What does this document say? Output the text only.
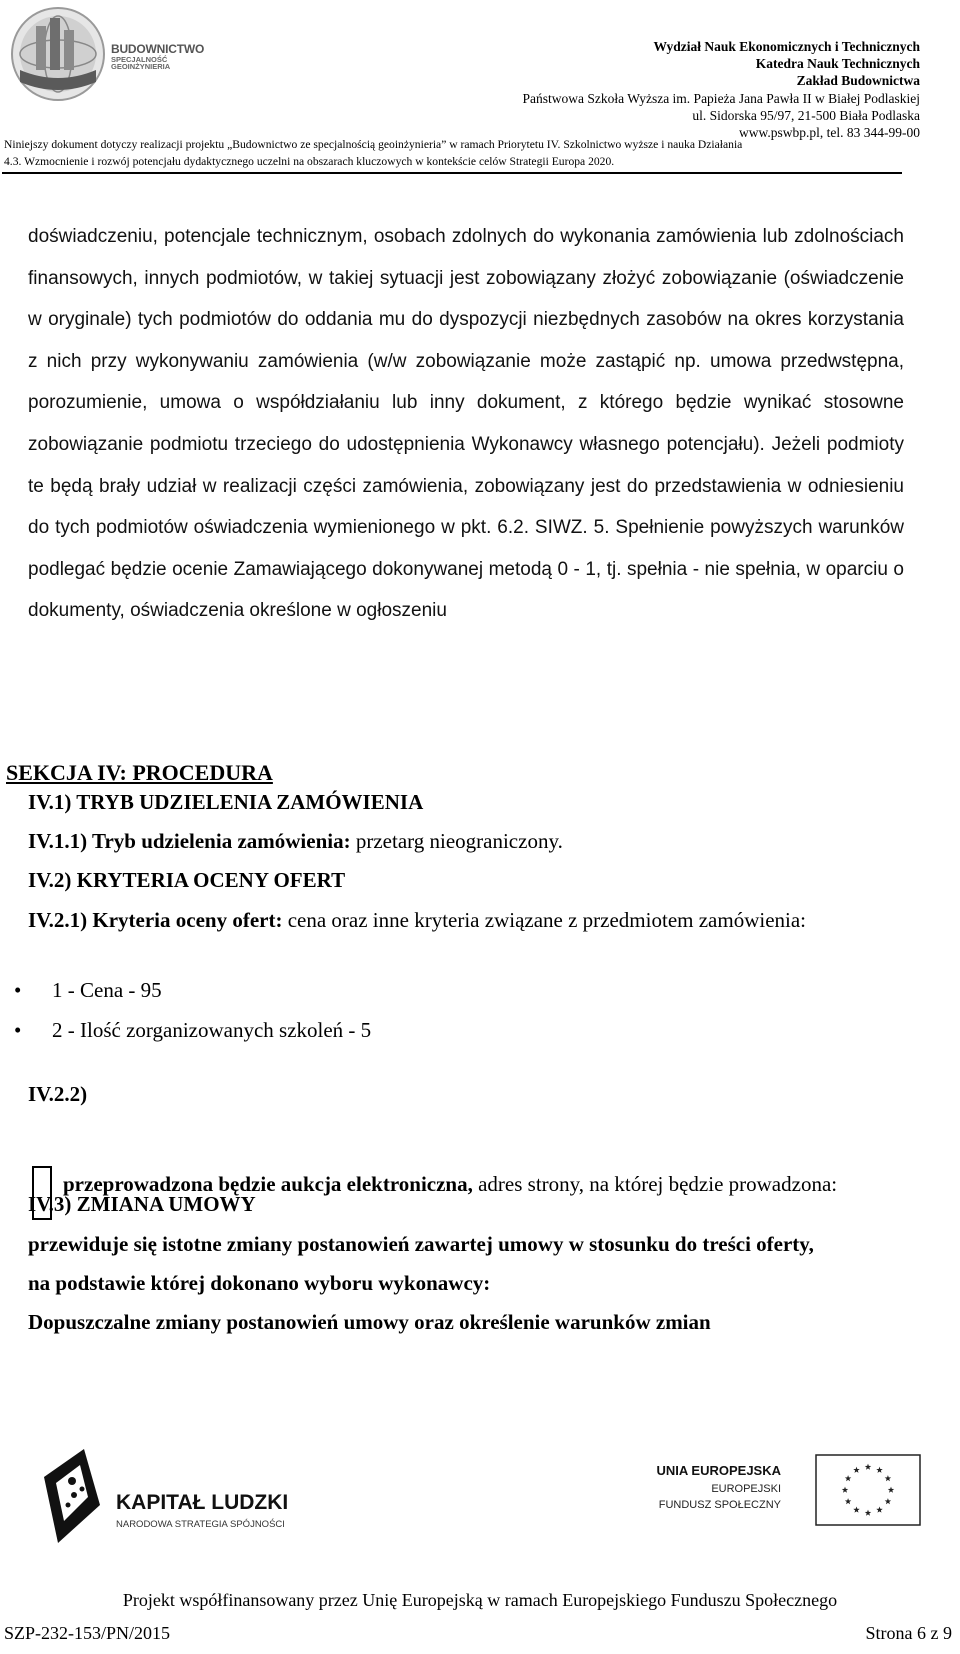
BUDOWNICTWO
SPECJALNOŚĆ
GEOINŻYNIERIA
Wydział Nauk Ekonomicznych i Technicznych
Katedra Nauk Technicznych
Zakład Budownictwa
Państwowa Szkoła Wyższa im. Papieża Jana Pawła II w Białej Podlaskiej
ul. Sidorska 95/97, 21-500 Biała Podlaska
www.pswbp.pl, tel. 83 344-99-00
Niniejszy dokument dotyczy realizacji projektu „Budownictwo ze specjalnością geoinżynieria” w ramach Priorytetu IV. Szkolnictwo wyższe i nauka Działania
4.3. Wzmocnienie i rozwój potencjału dydaktycznego uczelni na obszarach kluczowych w kontekście celów Strategii Europa 2020.
doświadczeniu, potencjale technicznym, osobach zdolnych do wykonania zamówienia lub zdolnościach finansowych, innych podmiotów, w takiej sytuacji jest zobowiązany złożyć zobowiązanie (oświadczenie w oryginale) tych podmiotów do oddania mu do dyspozycji niezbędnych zasobów na okres korzystania z nich przy wykonywaniu zamówienia (w/w zobowiązanie może zastąpić np. umowa przedwstępna, porozumienie, umowa o współdziałaniu lub inny dokument, z którego będzie wynikać stosowne zobowiązanie podmiotu trzeciego do udostępnienia Wykonawcy własnego potencjału). Jeżeli podmioty te będą brały udział w realizacji części zamówienia, zobowiązany jest do przedstawienia w odniesieniu do tych podmiotów oświadczenia wymienionego w pkt. 6.2. SIWZ. 5. Spełnienie powyższych warunków podlegać będzie ocenie Zamawiającego dokonywanej metodą 0 - 1, tj. spełnia - nie spełnia, w oparciu o dokumenty, oświadczenia określone w ogłoszeniu
SEKCJA IV: PROCEDURA
IV.1) TRYB UDZIELENIA ZAMÓWIENIA
IV.1.1) Tryb udzielenia zamówienia: przetarg nieograniczony.
IV.2) KRYTERIA OCENY OFERT
IV.2.1) Kryteria oceny ofert: cena oraz inne kryteria związane z przedmiotem zamówienia:
• 1 - Cena - 95
• 2 - Ilość zorganizowanych szkoleń - 5
IV.2.2)
przeprowadzona będzie aukcja elektroniczna, adres strony, na której będzie prowadzona:
IV.3) ZMIANA UMOWY
przewiduje się istotne zmiany postanowień zawartej umowy w stosunku do treści oferty,
na podstawie której dokonano wyboru wykonawcy:
Dopuszczalne zmiany postanowień umowy oraz określenie warunków zmian
KAPITAŁ LUDZKI
NARODOWA STRATEGIA SPÓJNOŚCI
UNIA EUROPEJSKA
EUROPEJSKI
FUNDUSZ SPOŁECZNY
Projekt współfinansowany przez Unię Europejską w ramach Europejskiego Funduszu Społecznego
SZP-232-153/PN/2015	Strona 6 z 9
